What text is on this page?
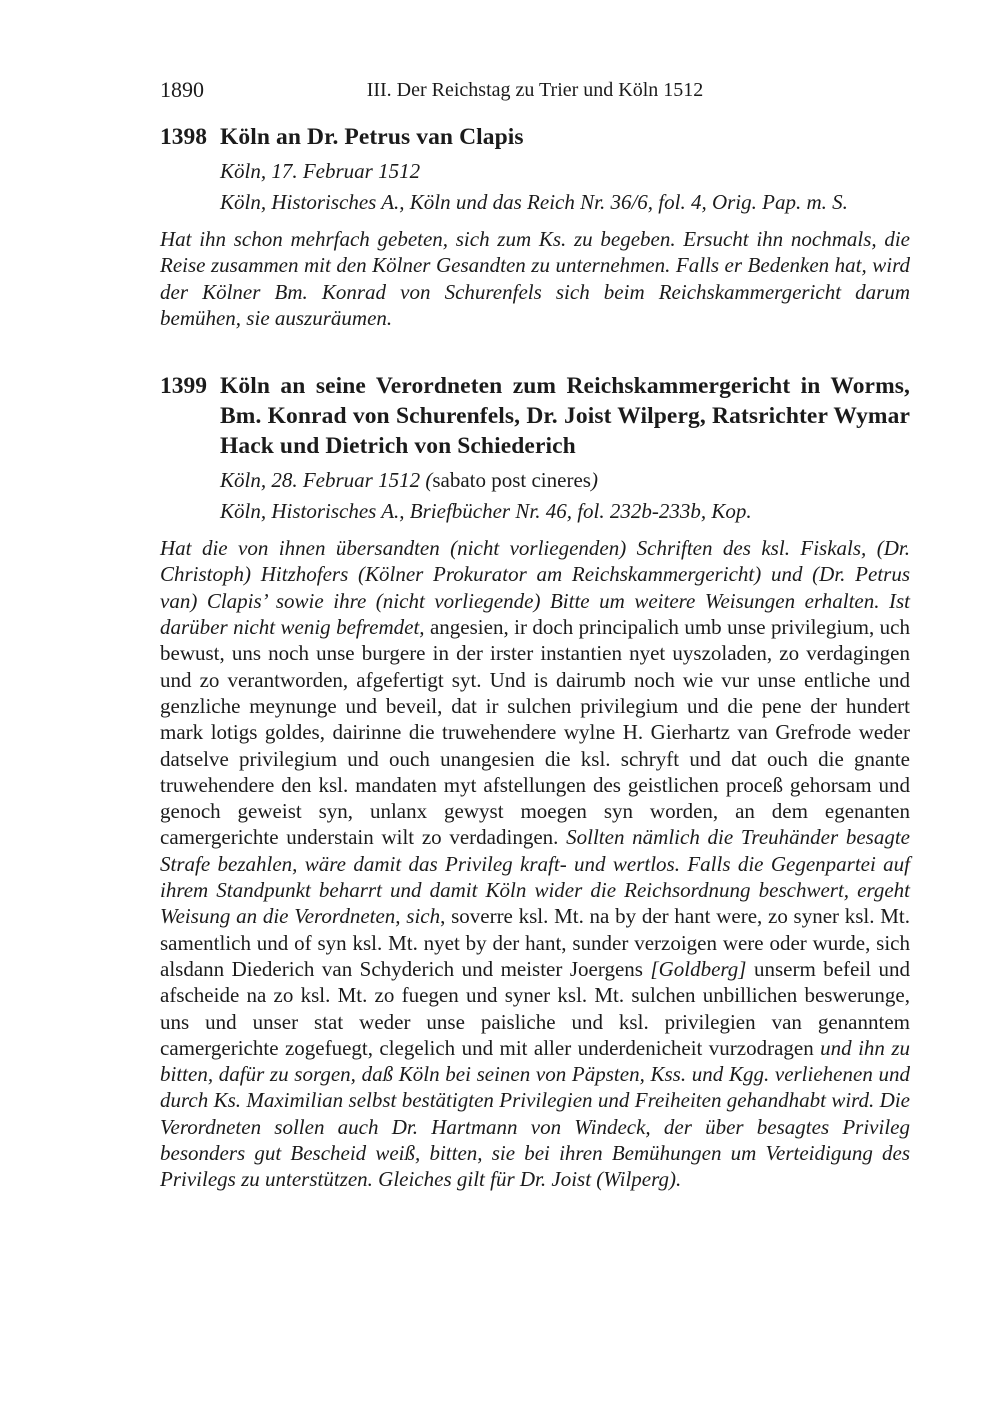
1890	III. Der Reichstag zu Trier und Köln 1512
1398 Köln an Dr. Petrus van Clapis

Köln, 17. Februar 1512

Köln, Historisches A., Köln und das Reich Nr. 36/6, fol. 4, Orig. Pap. m. S.

Hat ihn schon mehrfach gebeten, sich zum Ks. zu begeben. Ersucht ihn nochmals, die Reise zusammen mit den Kölner Gesandten zu unternehmen. Falls er Bedenken hat, wird der Kölner Bm. Konrad von Schurenfels sich beim Reichskammergericht darum bemühen, sie auszuräumen.

1399 Köln an seine Verordneten zum Reichskammergericht in Worms, Bm. Konrad von Schurenfels, Dr. Joist Wilperg, Ratsrichter Wymar Hack und Dietrich von Schiederich

Köln, 28. Februar 1512 (sabato post cineres)

Köln, Historisches A., Briefbücher Nr. 46, fol. 232b-233b, Kop.

Hat die von ihnen übersandten (nicht vorliegenden) Schriften des ksl. Fiskals, (Dr. Christoph) Hitzhofers (Kölner Prokurator am Reichskammergericht) und (Dr. Petrus van) Clapis’ sowie ihre (nicht vorliegende) Bitte um weitere Weisungen erhalten. Ist darüber nicht wenig befremdet, angesien, ir doch principalich umb unse privilegium, uch bewust, uns noch unse burgere in der irster instantien nyet uyszoladen, zo verdagingen und zo verantworden, afgefertigt syt. Und is dairumb noch wie vur unse entliche und genzliche meynunge und beveil, dat ir sulchen privilegium und die pene der hundert mark lotigs goldes, dairinne die truwehendere wylne H. Gierhartz van Grefrode weder datselve privilegium und ouch unangesien die ksl. schryft und dat ouch die gnante truwehendere den ksl. mandaten myt afstellungen des geistlichen proceß gehorsam und genoch geweist syn, unlanx gewyst moegen syn worden, an dem egenanten camergerichte understain wilt zo verdadingen. Sollten nämlich die Treuhänder besagte Strafe bezahlen, wäre damit das Privileg kraft- und wertlos. Falls die Gegenpartei auf ihrem Standpunkt beharrt und damit Köln wider die Reichsordnung beschwert, ergeht Weisung an die Verordneten, sich, soverre ksl. Mt. na by der hant were, zo syner ksl. Mt. samentlich und of syn ksl. Mt. nyet by der hant, sunder verzoigen were oder wurde, sich alsdann Diederich van Schyderich und meister Joergens [Goldberg] unserm befeil und afscheide na zo ksl. Mt. zo fuegen und syner ksl. Mt. sulchen unbillichen beswerunge, uns und unser stat weder unse paisliche und ksl. privilegien van genanntem camergerichte zogefuegt, clegelich und mit aller underdenicheit vurzodragen und ihn zu bitten, dafür zu sorgen, daß Köln bei seinen von Päpsten, Kss. und Kgg. verliehenen und durch Ks. Maximilian selbst bestätigten Privilegien und Freiheiten gehandhabt wird. Die Verordneten sollen auch Dr. Hartmann von Windeck, der über besagtes Privileg besonders gut Bescheid weiß, bitten, sie bei ihren Bemühungen um Verteidigung des Privilegs zu unterstützen. Gleiches gilt für Dr. Joist (Wilperg).
